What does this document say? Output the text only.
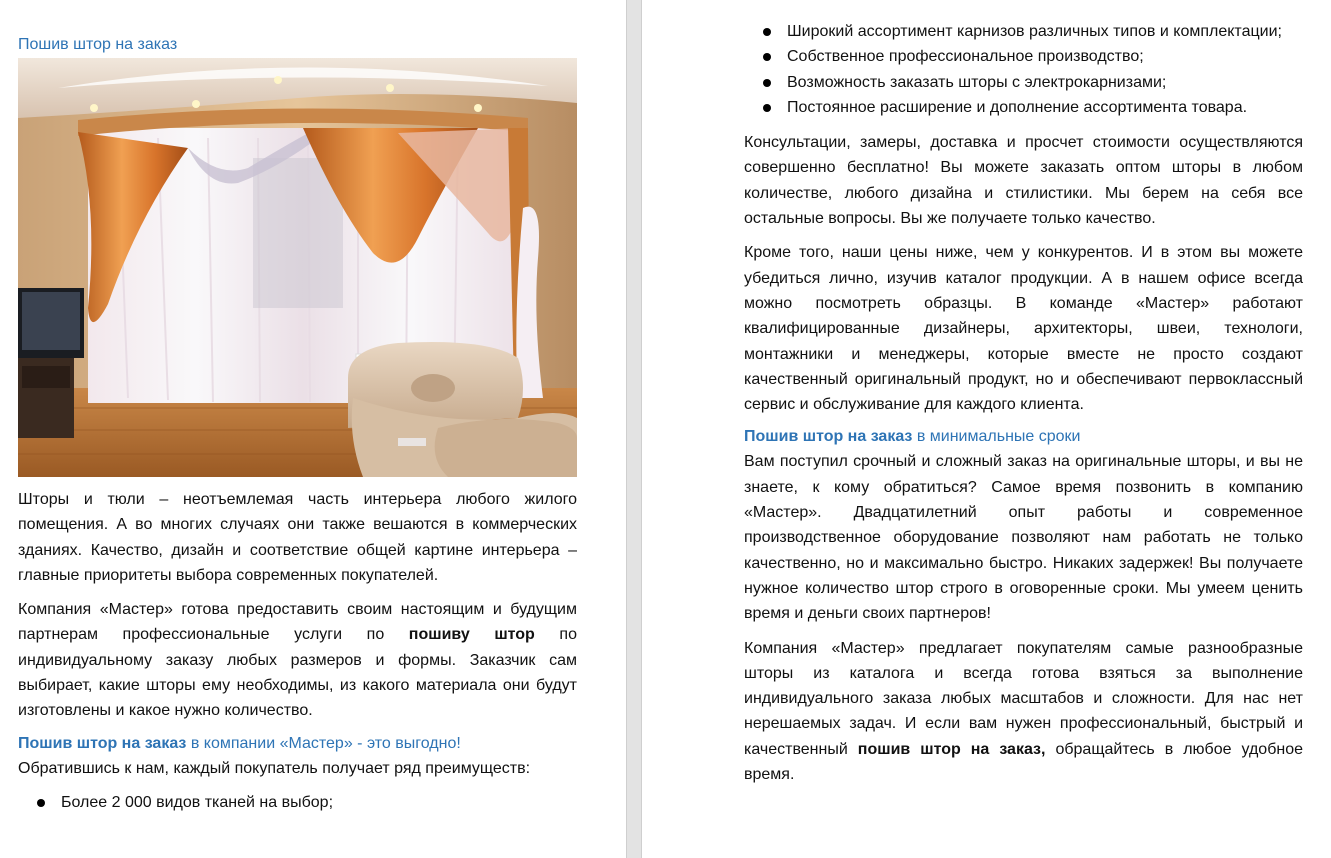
Пошив штор на заказ

Шторы и тюли – неотъемлемая часть интерьера любого жилого помещения. А во многих случаях они также вешаются в коммерческих зданиях. Качество, дизайн и соответствие общей картине интерьера – главные приоритеты выбора современных покупателей.

Компания «Мастер» готова предоставить своим настоящим и будущим партнерам профессиональные услуги по пошиву штор по индивидуальному заказу любых размеров и формы. Заказчик сам выбирает, какие шторы ему необходимы, из какого материала они будут изготовлены и какое нужно количество.

Пошив штор на заказ в компании «Мастер» - это выгодно!

Обратившись к нам, каждый покупатель получает ряд преимуществ:

Более 2 000 видов тканей на выбор;
Широкий ассортимент карнизов различных типов и комплектации;
Собственное профессиональное производство;
Возможность заказать шторы с электрокарнизами;
Постоянное расширение и дополнение ассортимента товара.

Консультации, замеры, доставка и просчет стоимости осуществляются совершенно бесплатно! Вы можете заказать оптом шторы в любом количестве, любого дизайна и стилистики. Мы берем на себя все остальные вопросы. Вы же получаете только качество.

Кроме того, наши цены ниже, чем у конкурентов. И в этом вы можете убедиться лично, изучив каталог продукции. А в нашем офисе всегда можно посмотреть образцы. В команде «Мастер» работают квалифицированные дизайнеры, архитекторы, швеи, технологи, монтажники и менеджеры, которые вместе не просто создают качественный оригинальный продукт, но и обеспечивают первоклассный сервис и обслуживание для каждого клиента.

Пошив штор на заказ в минимальные сроки

Вам поступил срочный и сложный заказ на оригинальные шторы, и вы не знаете, к кому обратиться? Самое время позвонить в компанию «Мастер». Двадцатилетний опыт работы и современное производственное оборудование позволяют нам работать не только качественно, но и максимально быстро. Никаких задержек! Вы получаете нужное количество штор строго в оговоренные сроки. Мы умеем ценить время и деньги своих партнеров!

Компания «Мастер» предлагает покупателям самые разнообразные шторы из каталога и всегда готова взяться за выполнение индивидуального заказа любых масштабов и сложности. Для нас нет нерешаемых задач. И если вам нужен профессиональный, быстрый и качественный пошив штор на заказ, обращайтесь в любое удобное время.
